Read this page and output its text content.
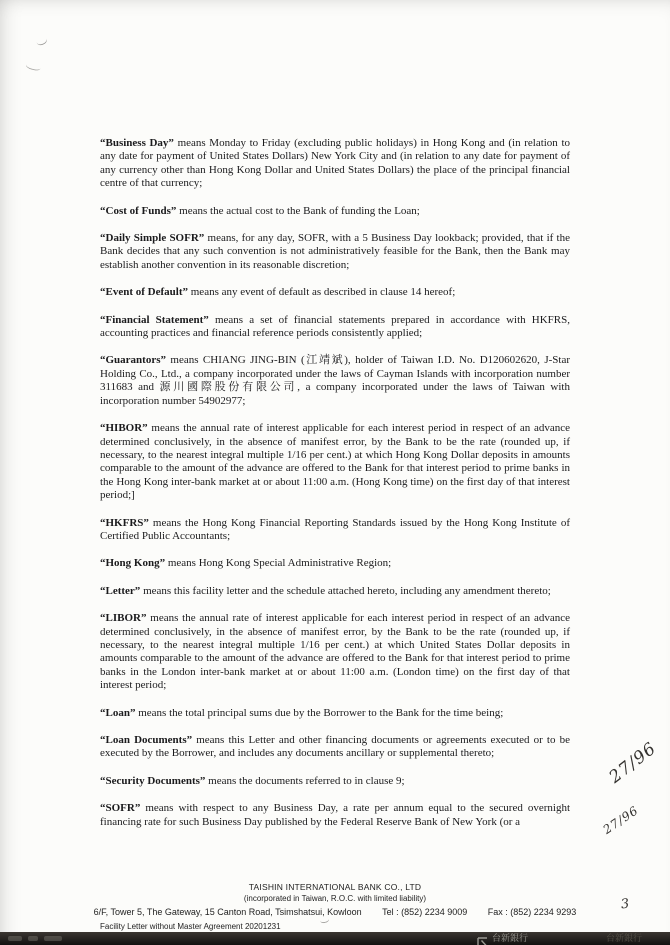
“Business Day” means Monday to Friday (excluding public holidays) in Hong Kong and (in relation to any date for payment of United States Dollars) New York City and (in relation to any date for payment of any currency other than Hong Kong Dollar and United States Dollars) the place of the principal financial centre of that currency;

“Cost of Funds” means the actual cost to the Bank of funding the Loan;

“Daily Simple SOFR” means, for any day, SOFR, with a 5 Business Day lookback; provided, that if the Bank decides that any such convention is not administratively feasible for the Bank, then the Bank may establish another convention in its reasonable discretion;

“Event of Default” means any event of default as described in clause 14 hereof;

“Financial Statement” means a set of financial statements prepared in accordance with HKFRS, accounting practices and financial reference periods consistently applied;

“Guarantors” means CHIANG JING-BIN (江靖斌), holder of Taiwan I.D. No. D120602620, J-Star Holding Co., Ltd., a company incorporated under the laws of Cayman Islands with incorporation number 311683 and 源川國際股份有限公司, a company incorporated under the laws of Taiwan with incorporation number 54902977;

“HIBOR” means the annual rate of interest applicable for each interest period in respect of an advance determined conclusively, in the absence of manifest error, by the Bank to be the rate (rounded up, if necessary, to the nearest integral multiple 1/16 per cent.) at which Hong Kong Dollar deposits in amounts comparable to the amount of the advance are offered to the Bank for that interest period to prime banks in the Hong Kong inter-bank market at or about 11:00 a.m. (Hong Kong time) on the first day of that interest period;]

“HKFRS” means the Hong Kong Financial Reporting Standards issued by the Hong Kong Institute of Certified Public Accountants;

“Hong Kong” means Hong Kong Special Administrative Region;

“Letter” means this facility letter and the schedule attached hereto, including any amendment thereto;

“LIBOR” means the annual rate of interest applicable for each interest period in respect of an advance determined conclusively, in the absence of manifest error, by the Bank to be the rate (rounded up, if necessary, to the nearest integral multiple 1/16 per cent.) at which United States Dollar deposits in amounts comparable to the amount of the advance are offered to the Bank for that interest period to prime banks in the London inter-bank market at or about 11:00 a.m. (London time) on the first day of that interest period;

“Loan” means the total principal sums due by the Borrower to the Bank for the time being;

“Loan Documents” means this Letter and other financing documents or agreements executed or to be executed by the Borrower, and includes any documents ancillary or supplemental thereto;

“Security Documents” means the documents referred to in clause 9;

“SOFR” means with respect to any Business Day, a rate per annum equal to the secured overnight financing rate for such Business Day published by the Federal Reserve Bank of New York (or a

27/96
27/96
3
TAISHIN INTERNATIONAL BANK CO., LTD
(incorporated in Taiwan, R.O.C. with limited liability)
6/F, Tower 5, The Gateway, 15 Canton Road, Tsimshatsui, Kowloon Tel : (852) 2234 9009 Fax : (852) 2234 9293
Facility Letter without Master Agreement 20201231
台新銀行	台新銀行
